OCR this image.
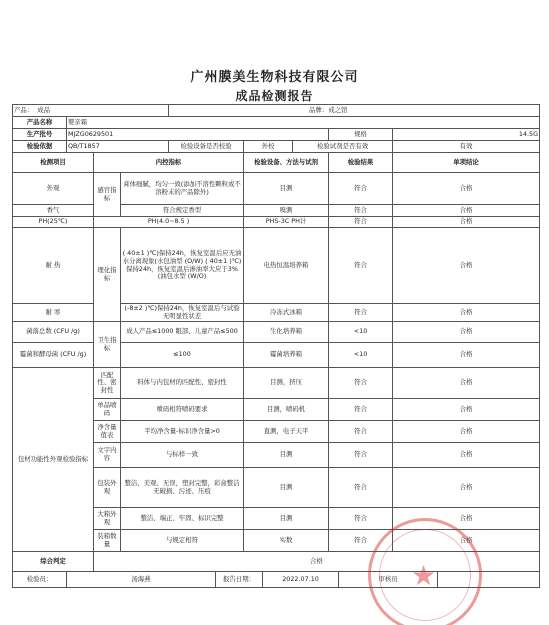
广州膜美生物科技有限公司
成品检测报告
产品： 成品				品牌：戒之馆								
产品名称	婴亲霜											
生产批号	MJZG0629501								规格		14.5G	
检验依据	QB/T1857			检验设备是否校验		外校		检验试剂是否有效			有效	
检测项目		内控指标				检验设备、方法与试剂			检验结果		单项结论	
外观		感官指标	膏体细腻，均匀一致(添加不溶性颗粒或不溶粉末的产品除外)			目测			符合		合格	
香气			符合规定香型			嗅测			符合		合格	
PH(25℃)		PH(4.0~8.5 )				PHS-3C PH计			符合		合格	
耐 热		理化指标	( 40±1 )℃)保持24h，恢复室温后应无油水分离现象(水包油型 (O/W) ( 40±1 )℃)保持24h，恢复室温后渗油率大应于3% (油包水型 (W/O)			电热恒温培养箱			符合		合格	
耐 寒			(-8±2 )℃)保持24h，恢复室温后与试验无明显性状差			冷冻式冰箱			符合		合格	
菌落总数 (CFU /g)		卫生指标	成人产品≤1000 眼部、儿童产品≤500			生化培养箱			<10		合格	
霉菌和酵母菌 (CFU /g)			≤100			霉菌培养箱			<10		合格	
包材功能性外观检验指标		匹配性、密封性	料体与内包材的匹配性、密封性			目测，挤压			符合		合格	
		单品喷码	喷码相符喷码要求			目测，喷码机			符合		合格	
		净含量值表	平均净含量-标识净含量>0			直测，电子天平			符合		合格	
		文字内容	与标样一致			目测			符合		合格	
		包装外观	整洁、美观、无误，塑封完整，彩盒整洁无破损、污迹、压痕			目测			符合		合格	
		大箱外观	整洁、端正、牢固、标识完整			目测			符合		合格	
		装箱数量	与规定相符			实数			符合		合格	
综合判定		合格										
检验员：	汤海燕				报告日期：		2022.07.10			审核员		★
